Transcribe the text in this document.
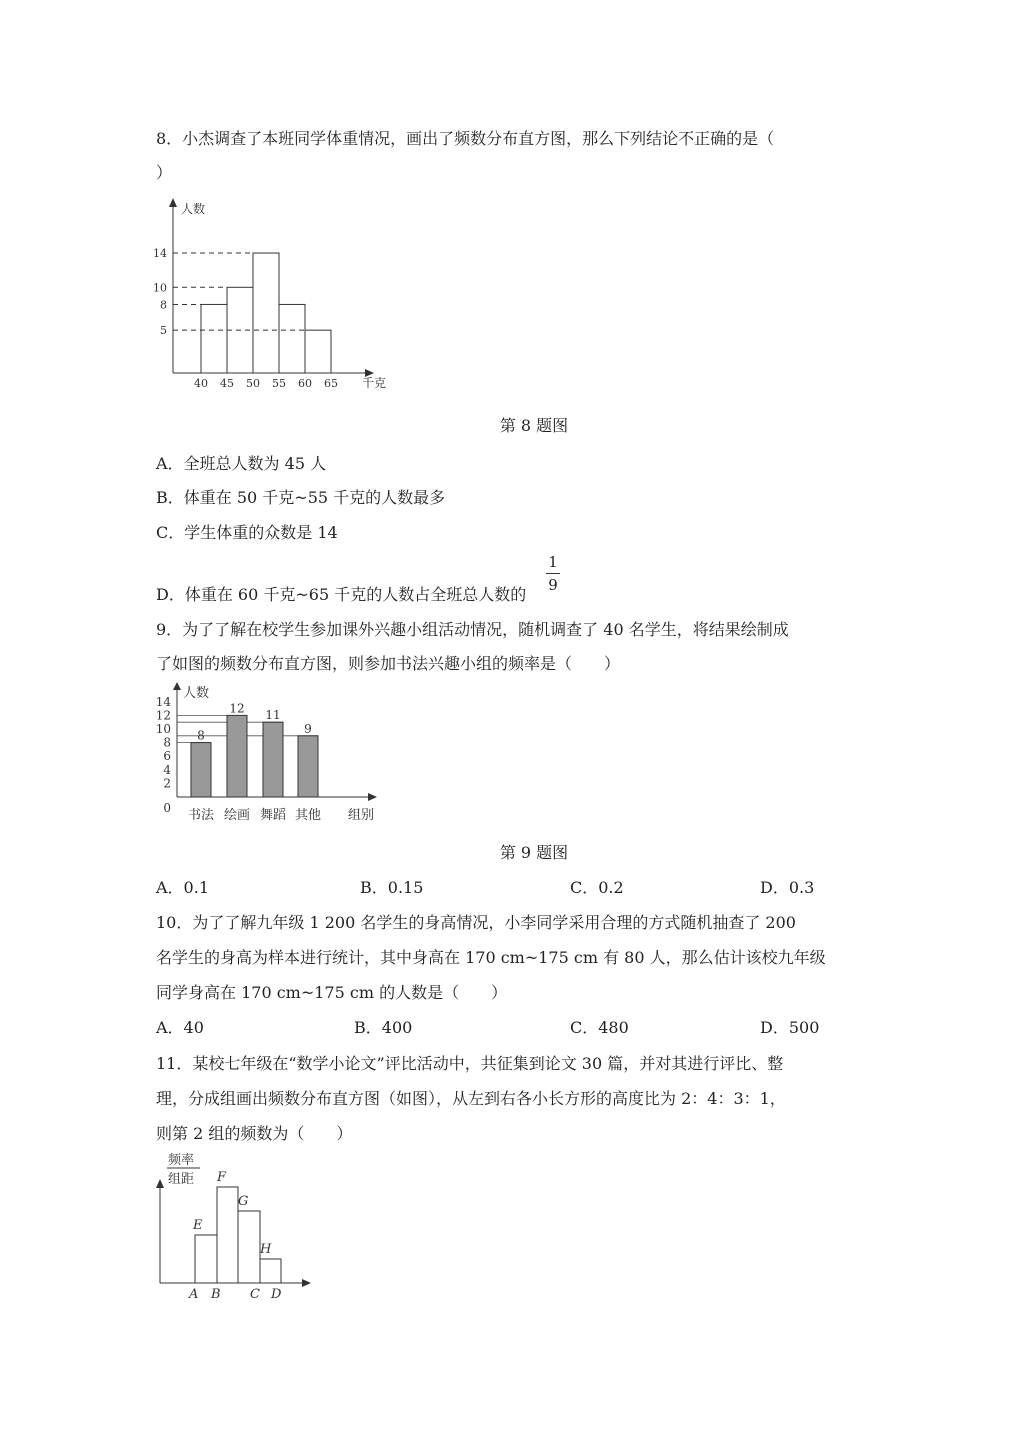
8．小杰调查了本班同学体重情况，画出了频数分布直方图，那么下列结论不正确的是（
）
人数
千克
5
8
10
14
40 45 50 55 60 65
第 8 题图
A．全班总人数为 45 人
B．体重在 50 千克~55 千克的人数最多
C．学生体重的众数是 14
D．体重在 60 千克~65 千克的人数占全班总人数的
1
9
9．为了了解在校学生参加课外兴趣小组活动情况，随机调查了 40 名学生，将结果绘制成
了如图的频数分布直方图，则参加书法兴趣小组的频率是（　　）
人数
组别
0
2
4
6
8
10
12
14
8
书法
12
绘画
11
舞蹈
9
其他
第 9 题图
A．0.1	B．0.15	C．0.2	D．0.3
10．为了了解九年级 1 200 名学生的身高情况，小李同学采用合理的方式随机抽查了 200
名学生的身高为样本进行统计，其中身高在 170 cm~175 cm 有 80 人，那么估计该校九年级
同学身高在 170 cm~175 cm 的人数是（　　）
A．40	B．400	C．480	D．500
11．某校七年级在“数学小论文”评比活动中，共征集到论文 30 篇，并对其进行评比、整
理，分成组画出频数分布直方图（如图），从左到右各小长方形的高度比为 2：4：3：1，
则第 2 组的频数为（　　）
频率
组距
E
F
G
H
A B C D
